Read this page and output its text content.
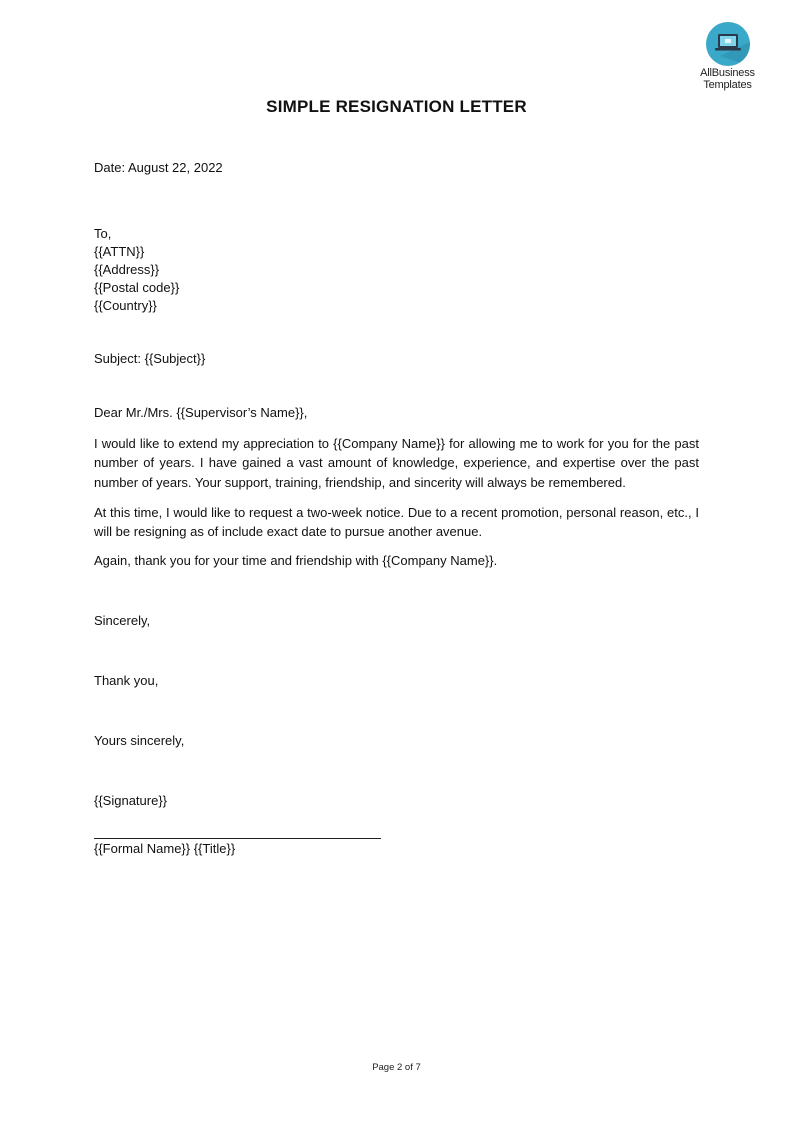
AllBusiness
Templates
SIMPLE RESIGNATION LETTER
Date: August 22, 2022
To,
{{ATTN}}
{{Address}}
{{Postal code}}
{{Country}}
Subject: {{Subject}}
Dear Mr./Mrs. {{Supervisor’s Name}},
I would like to extend my appreciation to {{Company Name}} for allowing me to work for you for the past number of years. I have gained a vast amount of knowledge, experience, and expertise over the past number of years. Your support, training, friendship, and sincerity will always be remembered.
At this time, I would like to request a two-week notice. Due to a recent promotion, personal reason, etc., I will be resigning as of include exact date to pursue another avenue.
Again, thank you for your time and friendship with {{Company Name}}.
Sincerely,
Thank you,
Yours sincerely,
{{Signature}}
{{Formal Name}} {{Title}}
Page 2 of 7
